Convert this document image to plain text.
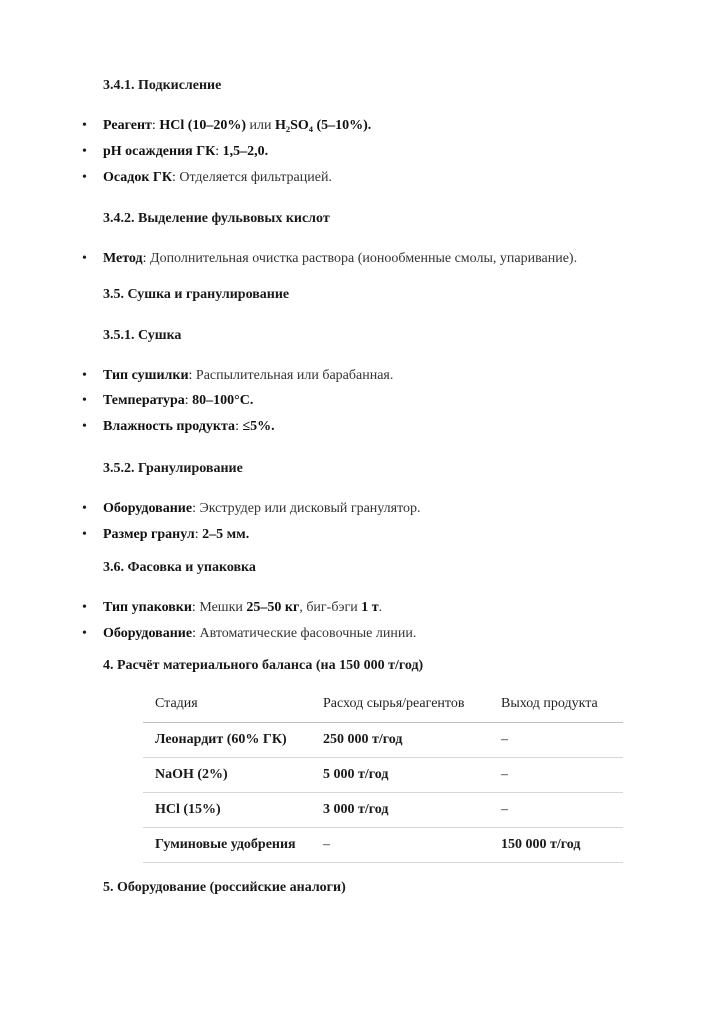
3.4.1. Подкисление
• Реагент: HCl (10–20%) или H₂SO₄ (5–10%).
• pH осаждения ГК: 1,5–2,0.
• Осадок ГК: Отделяется фильтрацией.
3.4.2. Выделение фульвовых кислот
• Метод: Дополнительная очистка раствора (ионообменные смолы, упаривание).
3.5. Сушка и гранулирование
3.5.1. Сушка
• Тип сушилки: Распылительная или барабанная.
• Температура: 80–100°C.
• Влажность продукта: ≤5%.
3.5.2. Гранулирование
• Оборудование: Экструдер или дисковый гранулятор.
• Размер гранул: 2–5 мм.
3.6. Фасовка и упаковка
• Тип упаковки: Мешки 25–50 кг, биг-бэги 1 т.
• Оборудование: Автоматические фасовочные линии.
4. Расчёт материального баланса (на 150 000 т/год)
Стадия	Расход сырья/реагентов	Выход продукта
Леонардит (60% ГК)	250 000 т/год	–
NaOH (2%)	5 000 т/год	–
HCl (15%)	3 000 т/год	–
Гуминовые удобрения	–	150 000 т/год
5. Оборудование (российские аналоги)
